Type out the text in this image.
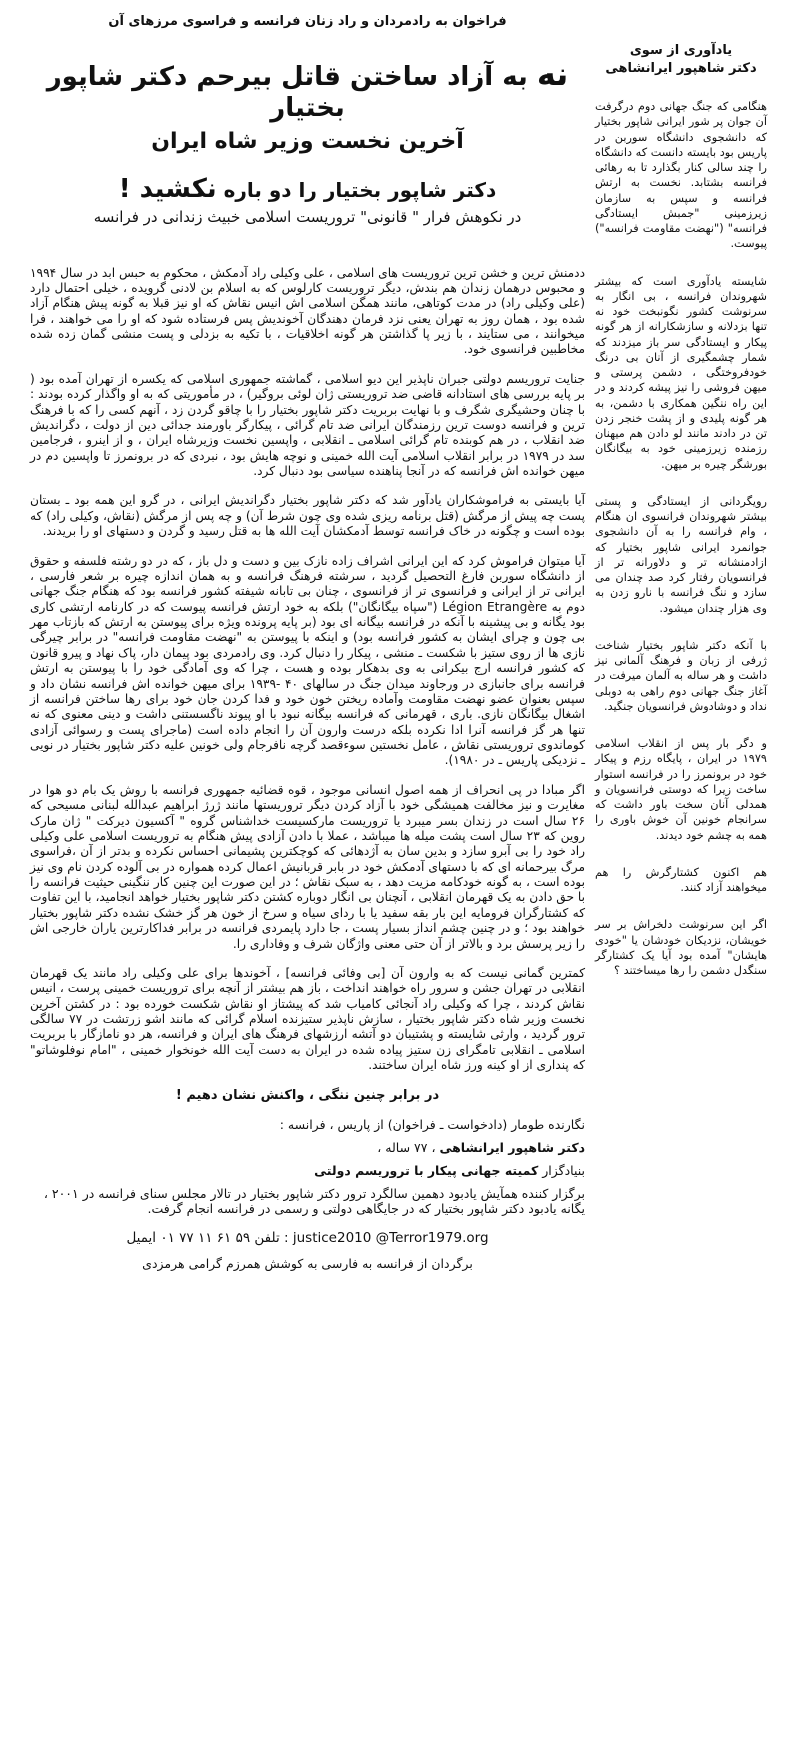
فراخوان به رادمردان و راد زنان فرانسه و فراسوی مرزهای آن

نه به آزاد ساختن قاتل بیرحم دکتر شاپور بختیار
آخرین نخست وزیر شاه ایران
دکتر شاپور بختیار را دو باره نکشید !
در نکوهش فرار " قانونی" تروریست اسلامی خبیث زندانی در فرانسه

ددمنش ترین و خشن ترین تروریست های اسلامی ، علی وکیلی راد آدمکش ، محکوم به حبس ابد در سال ۱۹۹۴ و محبوس درهمان زندان هم بندش، دیگر تروریست کارلوس که به اسلام بن لادنی گرویده ، خیلی احتمال دارد (علی وکیلی راد) در مدت کوتاهی، مانند همگن اسلامی اش انیس نقاش که او نیز قبلا به گونه پیش هنگام آزاد شده بود ، همان روز به تهران یعنی نزد فرمان دهندگان آخوندیش پس فرستاده شود که او را می خواهند ، فرا میخوانند ، می ستایند ، با زیر پا گذاشتن هر گونه اخلاقیات ، با تکیه به بزدلی و پست منشی گمان زده شده مخاطبین فرانسوی خود.

جنایت تروریسم دولتی جبران ناپذیر این دیو اسلامی ، گماشته جمهوری اسلامی که یکسره از تهران آمده بود ( بر پایه بررسی های استادانه قاضی ضد تروریستی ژان لوئی بروگیر) ، در مأموریتی که به او واگذار کرده بودند : با چنان وحشیگری شگرف و با نهایت بربریت دکتر شاپور بختیار را با چاقو گردن زد ، آنهم کسی را که با فرهنگ ترین و فرانسه دوست ترین رزمندگان ایرانی ضد تام گرائی ، پیکارگر باورمند جدائی دین از دولت ، دگراندیش ضد انقلاب ، در هم کوبنده تام گرائی اسلامی ـ انقلابی ، واپسین نخست وزیرشاه ایران ، و از اینرو ، فرجامین سد در ۱۹۷۹ در برابر انقلاب اسلامی آیت الله خمینی و نوچه هایش بود ، نبردی که در برونمرز تا واپسین دم در میهن خوانده اش فرانسه که در آنجا پناهنده سیاسی بود دنبال کرد.

آیا بایستی به فراموشکاران یادآور شد که دکتر شاپور بختیار دگراندیش ایرانی ، در گرو این همه بود ـ بستان پست چه پیش از مرگش (قتل برنامه ریزی شده وی چون شرط آن) و چه پس از مرگش (نقاش، وکیلی راد) که بوده است و چگونه در خاک فرانسه توسط آدمکشان آیت الله ها به قتل رسید و گردن و دستهای او را بریدند.

آیا میتوان فراموش کرد که این ایرانی اشراف زاده نازک بین و دست و دل باز ، که در دو رشته فلسفه و حقوق از دانشگاه سوربن فارغ التحصیل گردید ، سرشته فرهنگ فرانسه و به همان اندازه چیره بر شعر فارسی ، ایرانی تر از ایرانی و فرانسوی تر از فرانسوی ، چنان بی تابانه شیفته کشور فرانسه بود که هنگام جنگ جهانی دوم به Légion Etrangère ("سپاه بیگانگان") بلکه به خود ارتش فرانسه پیوست که در کارنامه ارتشی کاری بود یگانه و بی پیشینه با آنکه در فرانسه بیگانه ای بود (بر پایه پرونده ویژه برای پیوستن به ارتش که بازتاب مهر بی چون و چرای ایشان به کشور فرانسه بود) و اینکه با پیوستن به "نهضت مقاومت فرانسه" در برابر چیرگی نازی ها از روی ستیز با شکست ـ منشی ، پیکار را دنبال کرد. وی رادمردی بود پیمان دار، پاک نهاد و پیرو قانون که کشور فرانسه ارج بیکرانی به وی بدهکار بوده و هست ، چرا که وی آمادگی خود را با پیوستن به ارتش فرانسه برای جانبازی در ورجاوند میدان جنگ در سالهای ۴۰ -۱۹۳۹ برای میهن خوانده اش فرانسه نشان داد و سپس بعنوان عضو نهضت مقاومت وآماده ریختن خون خود و فدا کردن جان خود برای رها ساختن فرانسه از اشغال بیگانگان نازی. باری ، قهرمانی که فرانسه بیگانه نبود با او پیوند ناگسستنی داشت و دینی معنوی که نه تنها هر گز فرانسه آنرا ادا نکرده بلکه درست وارون آن را انجام داده است (ماجرای پست و رسوائی آزادی کوماندوی تروریستی نقاش ، عامل نخستین سوءقصد گرچه نافرجام ولی خونین علیه دکتر شاپور بختیار در نویی ـ نزدیکی پاریس ـ در ۱۹۸۰).

اگر مبادا در پی انحراف از همه اصول انسانی موجود ، قوه قضائیه جمهوری فرانسه با روش یک بام دو هوا در مغایرت و نیز مخالفت همیشگی خود با آزاد کردن دیگر تروریستها مانند ژرژ ابراهیم عبدالله لبنانی مسیحی که ۲۶ سال است در زندان بسر میبرد یا تروریست مارکسیست خداشناس گروه " آکسیون دیرکت " ژان مارک روین که ۲۳ سال است پشت میله ها میباشد ، عملا با دادن آزادی پیش هنگام به تروریست اسلامی علی وکیلی راد خود را بی آبرو سازد و بدین سان به آژدهائی که کوچکترین پشیمانی احساس نکرده و بدتر از آن ،فراسوی مرگ بیرحمانه ای که با دستهای آدمکش خود در بابر قربانیش اعمال کرده همواره در بی آلوده کردن نام وی نیز بوده است ، به گونه خودکامه مزیت دهد ، به سبک نقاش ؛ در این صورت این چنین کار ننگینی حیثیت فرانسه را با حق دادن به یک قهرمان انقلابی ، آنچنان بی انگار دوباره کشتن دکتر شاپور بختیار خواهد انجامید، با این تفاوت که کشتارگران فرومایه این بار بقه سفید یا با ردای سیاه و سرخ از خون هر گز خشک نشده دکتر شاپور بختیار خواهند بود ؛ و در چنین چشم انداز بسیار پست ، جا دارد پایمردی فرانسه در برابر فداکارترین یاران خارجی اش را زیر پرسش برد و بالاتر از آن حتی معنی واژگان شرف و وفاداری را.

کمترین گمانی نیست که به وارون آن [بی وفائی فرانسه] ، آخوندها برای علی وکیلی راد مانند یک قهرمان انقلابی در تهران جشن و سرور راه خواهند انداخت ، باز هم بیشتر از آنچه برای تروریست خمینی پرست ، انیس نقاش کردند ، چرا که وکیلی راد آنجائی کامیاب شد که پیشتاز او نقاش شکست خورده بود : در کشتن آخرین نخست وزیر شاه دکتر شاپور بختیار ، سازش ناپذیر ستیزنده اسلام گرائی که مانند اشو زرتشت در ۷۷ سالگی ترور گردید ، وارثی شایسته و پشتیبان دو آتشه ارزشهای فرهنگ های ایران و فرانسه، هر دو نامازگار با بربریت اسلامی ـ انقلابی تامگرای زن ستیز پیاده شده در ایران به دست آیت الله خونخوار خمینی ، "امام نوفلوشاتو" که پنداری از او کینه ورز شاه ایران ساختند.

در برابر چنین ننگی ، واکنش نشان دهیم !

نگارنده طومار (دادخواست ـ فراخوان) از پاریس ، فرانسه :

دکتر شاهپور ایرانشاهی ، ۷۷ ساله ،

بنیادگزار کمیته جهانی پیکار با تروریسم دولتی

برگزار کننده همآیش یادبود دهمین سالگرد ترور دکتر شاپور بختیار در تالار مجلس سنای فرانسه در ۲۰۰۱ ، یگانه یادبود دکتر شاپور بختیار که در جایگاهی دولتی و رسمی در فرانسه انجام گرفت.

تلفن ۵۹ ۶۱ ۱۱ ۷۷ ۰۱ ایمیل : justice2010 @Terror1979.org

برگردان از فرانسه به فارسی به کوشش همرزم گرامی هرمزدی

یادآوری از سوی
دکتر شاهپور ایرانشاهی

هنگامی که جنگ جهانی دوم درگرفت آن جوان پر شور ایرانی شاپور بختیار که دانشجوی دانشگاه سوربن در پاریس بود بایسته دانست که دانشگاه را چند سالی کنار بگذارد تا به رهائی فرانسه بشتابد. نخست به ارتش فرانسه و سپس به سازمان زیرزمینی "جمبش ایستادگی فرانسه" ("نهضت مقاومت فرانسه") پیوست.

شایسته یادآوری است که بیشتر شهروندان فرانسه ، بی انگار به سرنوشت کشور نگونبخت خود نه تنها بزدلانه و سازشکارانه از هر گونه پیکار و ایستادگی سر باز میزدند که شمار چشمگیری از آنان بی درنگ خودفروختگی ، دشمن پرستی و میهن فروشی را نیز پیشه کردند و در این راه ننگین همکاری با دشمن، به هر گونه پلیدی و از پشت خنجر زدن تن در دادند مانند لو دادن هم میهنان رزمنده زیرزمینی خود به بیگانگان بورشگر چیره بر میهن.

رویگردانی از ایستادگی و پستی بیشتر شهروندان فرانسوی ان هنگام ، وام فرانسه را به آن دانشجوی جوانمرد ایرانی شاپور بختیار که ازادمنشانه تر و دلاورانه تر از فرانسویان رفتار کرد صد چندان می سازد و ننگ فرانسه با نارو زدن به وی هزار چندان میشود.

با آنکه دکتر شاپور بختیار شناخت ژرفی از زبان و فرهنگ آلمانی نیز داشت و هر ساله به آلمان میرفت در آغاز جنگ جهانی دوم راهی به دوبلی نداد و دوشادوش فرانسویان جنگید.

و دگر بار پس از انقلاب اسلامی ۱۹۷۹ در ایران ، پایگاه رزم و پیکار خود در برونمرز را در فرانسه استوار ساخت زیرا که دوستی فرانسویان و همدلی آنان سخت باور داشت که سرانجام خونین آن خوش باوری را همه به چشم خود دیدند.

هم اکنون کشتارگرش را هم میخواهند آزاد کنند.

اگر این سرنوشت دلخراش بر سر خویشان، نزدیکان خودشان یا "خودی هایشان" آمده بود آیا یک کشتارگر سنگدل دشمن را رها میساختند ؟
